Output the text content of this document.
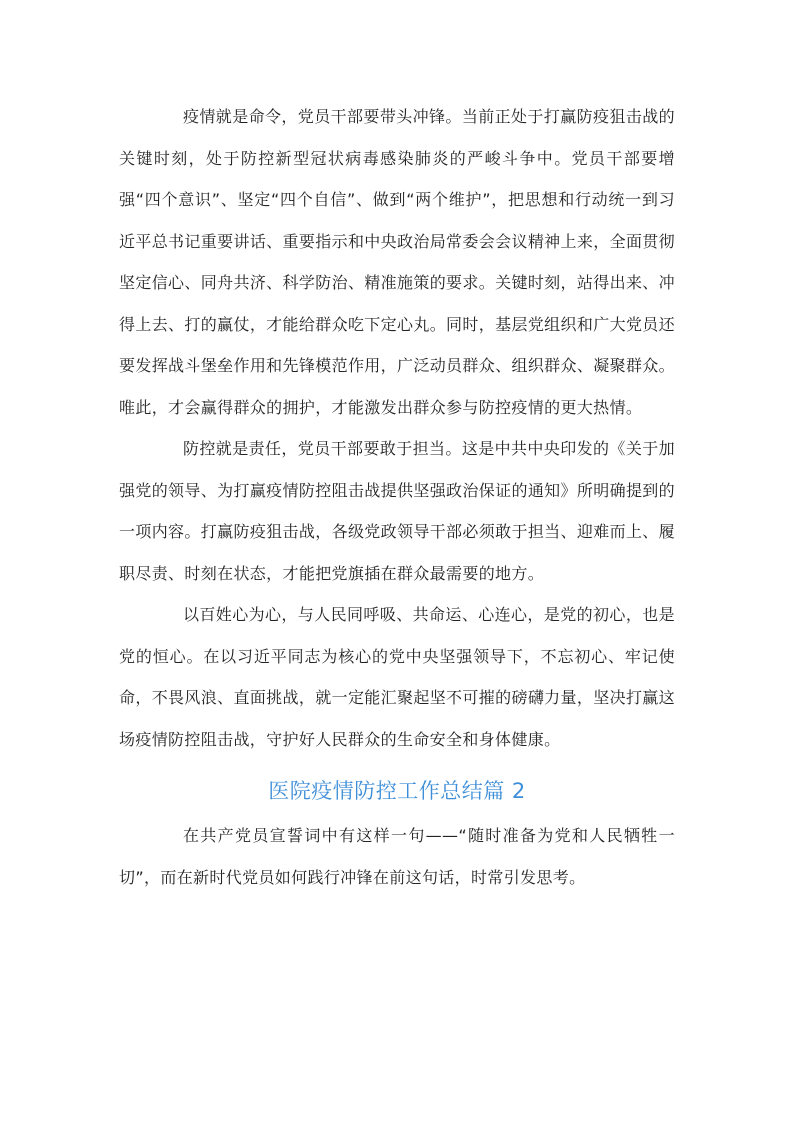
疫情就是命令，党员干部要带头冲锋。当前正处于打赢防疫狙击战的关键时刻，处于防控新型冠状病毒感染肺炎的严峻斗争中。党员干部要增强“四个意识”、坚定“四个自信”、做到“两个维护”，把思想和行动统一到习近平总书记重要讲话、重要指示和中央政治局常委会会议精神上来，全面贯彻坚定信心、同舟共济、科学防治、精准施策的要求。关键时刻，站得出来、冲得上去、打的赢仗，才能给群众吃下定心丸。同时，基层党组织和广大党员还要发挥战斗堡垒作用和先锋模范作用，广泛动员群众、组织群众、凝聚群众。唯此，才会赢得群众的拥护，才能激发出群众参与防控疫情的更大热情。

防控就是责任，党员干部要敢于担当。这是中共中央印发的《关于加强党的领导、为打赢疫情防控阻击战提供坚强政治保证的通知》所明确提到的一项内容。打赢防疫狙击战，各级党政领导干部必须敢于担当、迎难而上、履职尽责、时刻在状态，才能把党旗插在群众最需要的地方。

以百姓心为心，与人民同呼吸、共命运、心连心，是党的初心，也是党的恒心。在以习近平同志为核心的党中央坚强领导下，不忘初心、牢记使命，不畏风浪、直面挑战，就一定能汇聚起坚不可摧的磅礴力量，坚决打赢这场疫情防控阻击战，守护好人民群众的生命安全和身体健康。

医院疫情防控工作总结篇 2

在共产党员宣誓词中有这样一句——“随时准备为党和人民牺牲一切”，而在新时代党员如何践行冲锋在前这句话，时常引发思考。
